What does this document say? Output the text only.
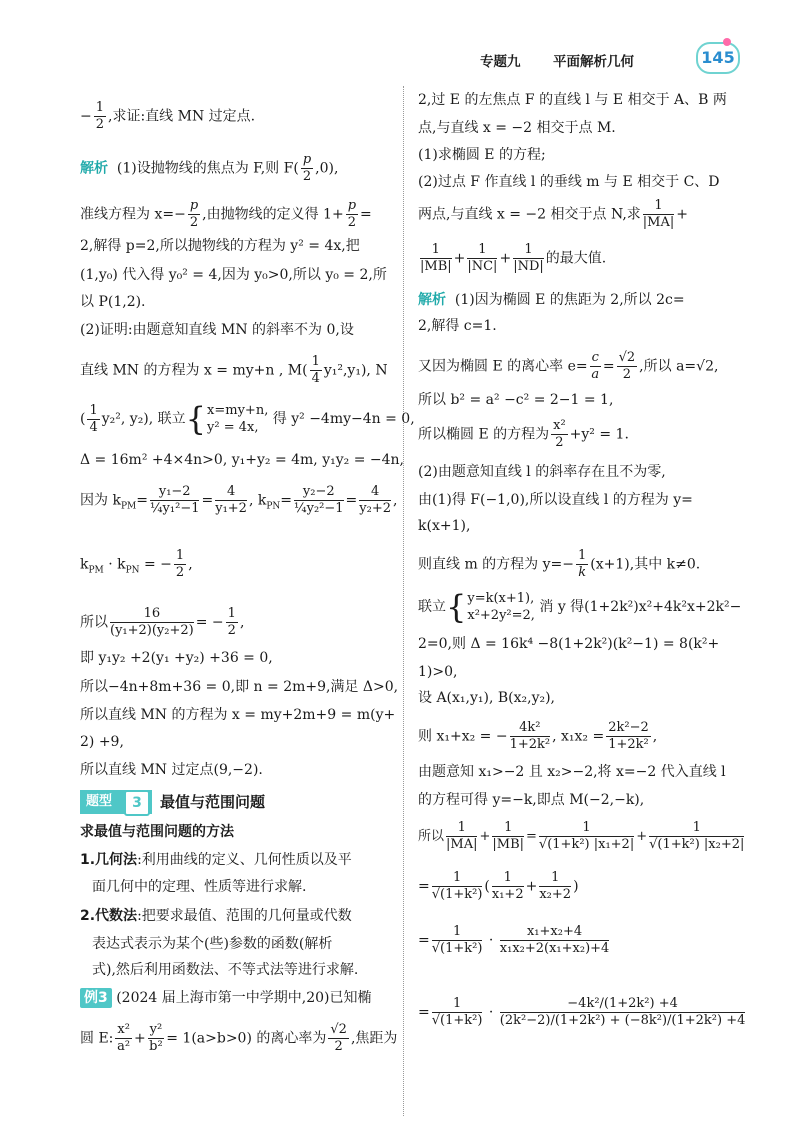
专题九 平面解析几何	145
− $\frac{1}{2}$ ,求证:直线 MN 过定点.
解析 (1)设抛物线的焦点为 F,则 $F( \frac{p}{2} ,0)$,
准线方程为 $x=- \frac{p}{2}$ ,由抛物线的定义得 $1+ \frac{p}{2}$ =
2,解得 p=2,所以抛物线的方程为 y² = 4x,把
(1,y₀) 代入得 y₀² = 4,因为 y₀>0,所以 y₀ = 2,所
以 P(1,2).
(2)证明:由题意知直线 MN 的斜率不为 0,设
直线 MN 的方程为 x = my+n , $M( \frac{1}{4} y_1^2,y_1)$, N
( $\frac{1}{4} y_2^2$, y₂), 联立{ x=my+n,
y² = 4x,
得 y² −4my−4n = 0,
Δ = 16m² +4×4n>0, y₁+y₂ = 4m, y₁y₂ = −4n,
因为 $k_{PM}= \frac{\text{y₁−2}}{\text{¼y₁²−1}} = \frac{4}{\text{y₁+2}}$ , $k_{PN}= \frac{\text{y₂−2}}{\text{¼y₂²−1}} = \frac{4}{\text{y₂+2}}$ ,
$k_{PM} \cdot k_{PN}$ = − $\frac{1}{2}$ ,
所以 $\frac{16}{\text{(y₁+2)(y₂+2)}}$ = − $\frac{1}{2}$ ,
即 y₁y₂ +2(y₁ +y₂) +36 = 0,
所以−4n+8m+36 = 0,即 n = 2m+9,满足 Δ>0,
所以直线 MN 的方程为 x = my+2m+9 = m(y+
2) +9,
所以直线 MN 过定点(9,−2).
题型	3	最值与范围问题
求最值与范围问题的方法
1.几何法:利用曲线的定义、几何性质以及平
面几何中的定理、性质等进行求解.
2.代数法:把要求最值、范围的几何量或代数
表达式表示为某个(些)参数的函数(解析
式),然后利用函数法、不等式法等进行求解.
例3 (2024 届上海市第一中学期中,20)已知椭
圆 E: $\frac{\text{x²}}{\text{a²}} + \frac{\text{y²}}{\text{b²}} = 1(a>b>0)$ 的离心率为 $\frac{√2}{2}$ ,焦距为
2,过 E 的左焦点 F 的直线 l 与 E 相交于 A、B 两
点,与直线 x = −2 相交于点 M.
(1)求椭圆 E 的方程;
(2)过点 F 作直线 l 的垂线 m 与 E 相交于 C、D
两点,与直线 x = −2 相交于点 N,求 $\frac{1}{|MA|}$ +
$\frac{1}{|MB|} + \frac{1}{|NC|} + \frac{1}{|ND|}$ 的最大值.
解析 (1)因为椭圆 E 的焦距为 2,所以 2c=
2,解得 c=1.
又因为椭圆 E 的离心率 $e= \frac{c}{a} = \frac{√2}{2}$ ,所以 a=√2,
所以 b² = a² −c² = 2−1 = 1,
所以椭圆 E 的方程为 $\frac{\text{x²}}{2} +y^2 = 1$.
(2)由题意知直线 l 的斜率存在且不为零,
由(1)得 F(−1,0),所以设直线 l 的方程为 y=
k(x+1),
则直线 m 的方程为 $y=- \frac{1}{k} (x+1)$,其中 k≠0.
联立{ y=k(x+1),
x²+2y²=2,
消 y 得(1+2k²)x²+4k²x+2k²−
2=0,则 Δ = 16k⁴ −8(1+2k²)(k²−1) = 8(k²+
1)>0,
设 A(x₁,y₁), B(x₂,y₂),
则 x₁+x₂ = − $\frac{\text{4k²}}{\text{1+2k²}}$ , $x_1x_2 = \frac{\text{2k²−2}}{\text{1+2k²}}$ ,
由题意知 x₁>−2 且 x₂>−2,将 x=−2 代入直线 l
的方程可得 y=−k,即点 M(−2,−k),
所以 $\frac{1}{|MA|} + \frac{1}{|MB|} = \frac{1}{\text{√(1+k²) |x₁+2|}} + \frac{1}{\text{√(1+k²) |x₂+2|}}$
= $\frac{1}{\text{√(1+k²)}}$ ( $\frac{1}{\text{x₁+2}} + \frac{1}{\text{x₂+2}}$ )
= $\frac{1}{\text{√(1+k²)}} \cdot \frac{\text{x₁+x₂+4}}{\text{x₁x₂+2(x₁+x₂)+4}}$
= $\frac{1}{\text{√(1+k²)}} \cdot \frac{\text{−4k²/(1+2k²) +4}}{\text{(2k²−2)/(1+2k²) + (−8k²)/(1+2k²) +4}}$
